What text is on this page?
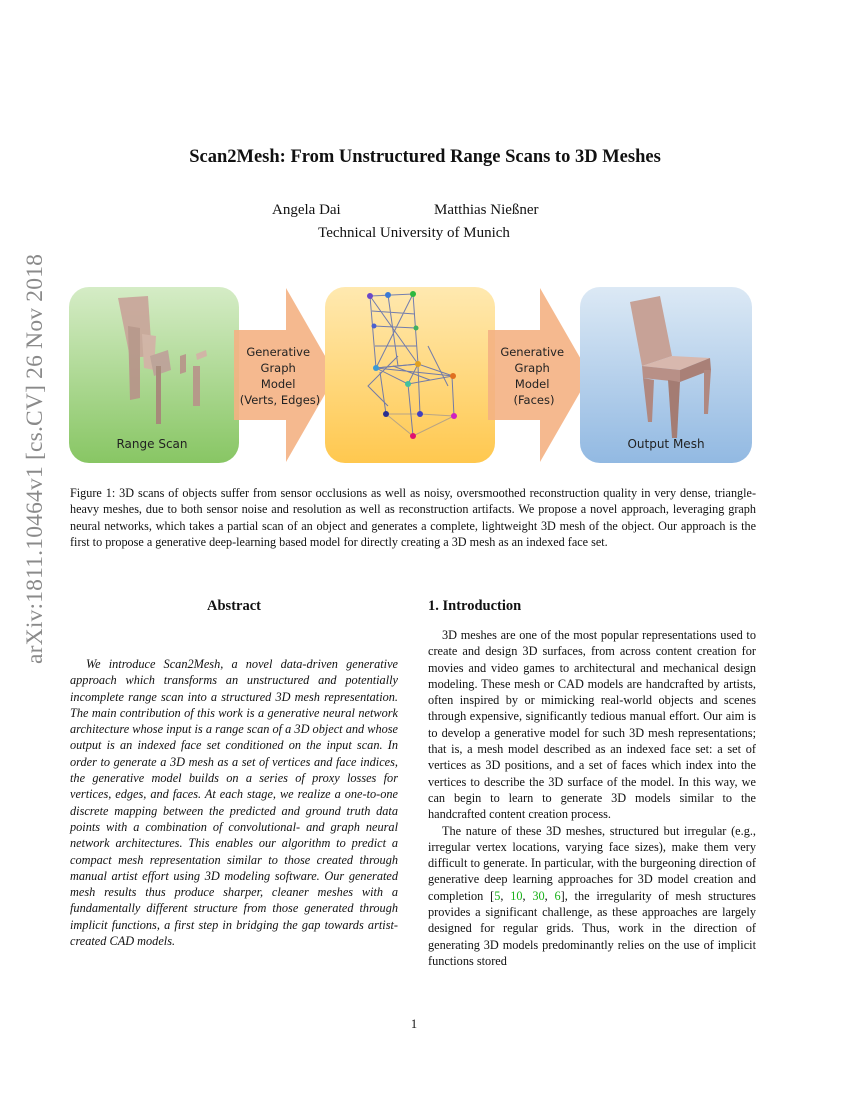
Scan2Mesh: From Unstructured Range Scans to 3D Meshes
Angela Dai	Matthias Nießner
Technical University of Munich
arXiv:1811.10464v1 [cs.CV] 26 Nov 2018	Range Scan
Generative Graph Model (Verts, Edges)
Generative Graph Model (Faces)
Output Mesh
Figure 1: 3D scans of objects suffer from sensor occlusions as well as noisy, oversmoothed reconstruction quality in very dense, triangle-heavy meshes, due to both sensor noise and resolution as well as reconstruction artifacts. We propose a novel approach, leveraging graph neural networks, which takes a partial scan of an object and generates a complete, lightweight 3D mesh of the object. Our approach is the first to propose a generative deep-learning based model for directly creating a 3D mesh as an indexed face set.
Abstract
We introduce Scan2Mesh, a novel data-driven generative approach which transforms an unstructured and potentially incomplete range scan into a structured 3D mesh representation. The main contribution of this work is a generative neural network architecture whose input is a range scan of a 3D object and whose output is an indexed face set conditioned on the input scan. In order to generate a 3D mesh as a set of vertices and face indices, the generative model builds on a series of proxy losses for vertices, edges, and faces. At each stage, we realize a one-to-one discrete mapping between the predicted and ground truth data points with a combination of convolutional- and graph neural network architectures. This enables our algorithm to predict a compact mesh representation similar to those created through manual artist effort using 3D modeling software. Our generated mesh results thus produce sharper, cleaner meshes with a fundamentally different structure from those generated through implicit functions, a first step in bridging the gap towards artist-created CAD models.
1. Introduction

3D meshes are one of the most popular representations used to create and design 3D surfaces, from across content creation for movies and video games to architectural and mechanical design modeling. These mesh or CAD models are handcrafted by artists, often inspired by or mimicking real-world objects and scenes through expensive, significantly tedious manual effort. Our aim is to develop a generative model for such 3D mesh representations; that is, a mesh model described as an indexed face set: a set of vertices as 3D positions, and a set of faces which index into the vertices to describe the 3D surface of the model. In this way, we can begin to learn to generate 3D models similar to the handcrafted content creation process.

The nature of these 3D meshes, structured but irregular (e.g., irregular vertex locations, varying face sizes), make them very difficult to generate. In particular, with the burgeoning direction of generative deep learning approaches for 3D model creation and completion [5, 10, 30, 6], the irregularity of mesh structures provides a significant challenge, as these approaches are largely designed for regular grids. Thus, work in the direction of generating 3D models predominantly relies on the use of implicit functions stored

1
